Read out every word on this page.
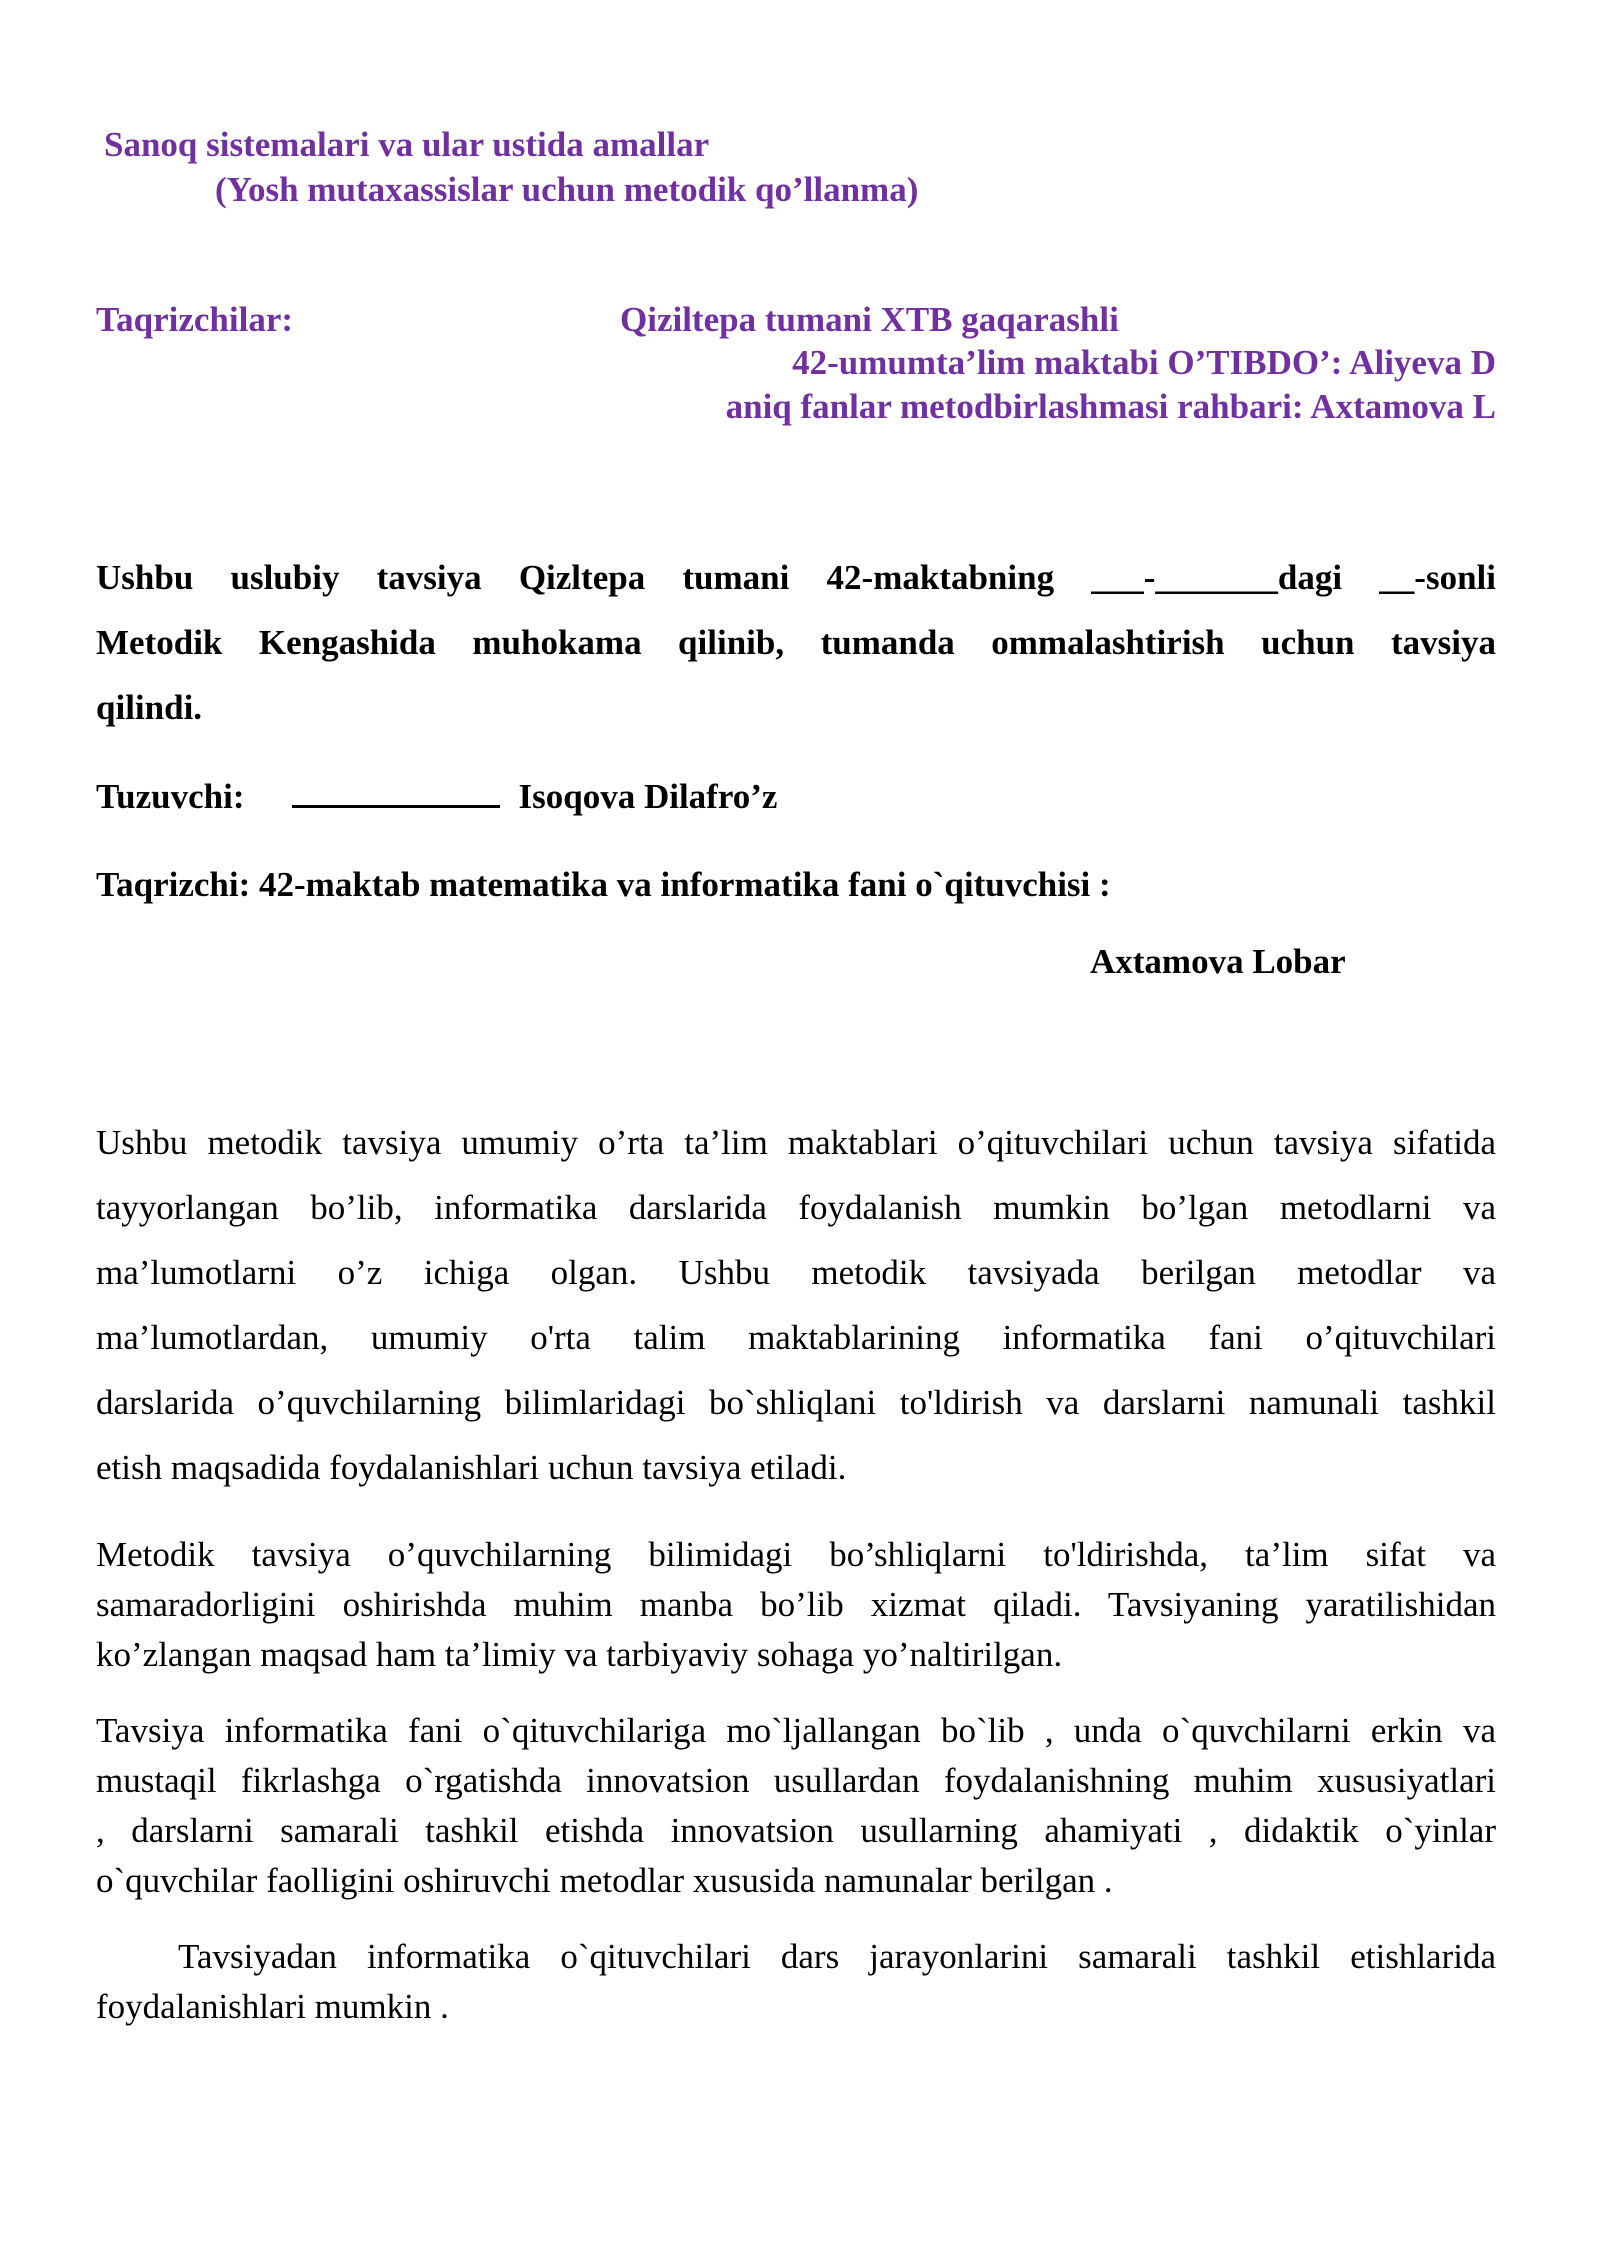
Sanoq sistemalari va ular ustida amallar
(Yosh mutaxassislar uchun metodik qo’llanma)
Taqrizchilar:	Qiziltepa tumani XTB gaqarashli
42-umumta’lim maktabi O’TIBDO’: Aliyeva D
aniq fanlar metodbirlashmasi rahbari: Axtamova L
Ushbu uslubiy tavsiya Qizltepa tumani 42-maktabning ___-_______dagi __-sonli
Metodik Kengashida muhokama qilinib, tumanda ommalashtirish uchun tavsiya
qilindi.
Tuzuvchi:	Isoqova Dilafro’z
Taqrizchi: 42-maktab matematika va informatika fani o`qituvchisi :
Axtamova Lobar
Ushbu metodik tavsiya umumiy o’rta ta’lim maktablari o’qituvchilari uchun tavsiya sifatida
tayyorlangan bo’lib, informatika darslarida foydalanish mumkin bo’lgan metodlarni va
ma’lumotlarni o’z ichiga olgan. Ushbu metodik tavsiyada berilgan metodlar va
ma’lumotlardan, umumiy o'rta talim maktablarining informatika fani o’qituvchilari
darslarida o’quvchilarning bilimlaridagi bo`shliqlani to'ldirish va darslarni namunali tashkil
etish maqsadida foydalanishlari uchun tavsiya etiladi.
Metodik tavsiya o’quvchilarning bilimidagi bo’shliqlarni to'ldirishda, ta’lim sifat va
samaradorligini oshirishda muhim manba bo’lib xizmat qiladi. Tavsiyaning yaratilishidan
ko’zlangan maqsad ham ta’limiy va tarbiyaviy sohaga yo’naltirilgan.
Tavsiya informatika fani o`qituvchilariga mo`ljallangan bo`lib , unda o`quvchilarni erkin va
mustaqil fikrlashga o`rgatishda innovatsion usullardan foydalanishning muhim xususiyatlari
, darslarni samarali tashkil etishda innovatsion usullarning ahamiyati , didaktik o`yinlar
o`quvchilar faolligini oshiruvchi metodlar xususida namunalar berilgan .
Tavsiyadan informatika o`qituvchilari dars jarayonlarini samarali tashkil etishlarida
foydalanishlari mumkin .
